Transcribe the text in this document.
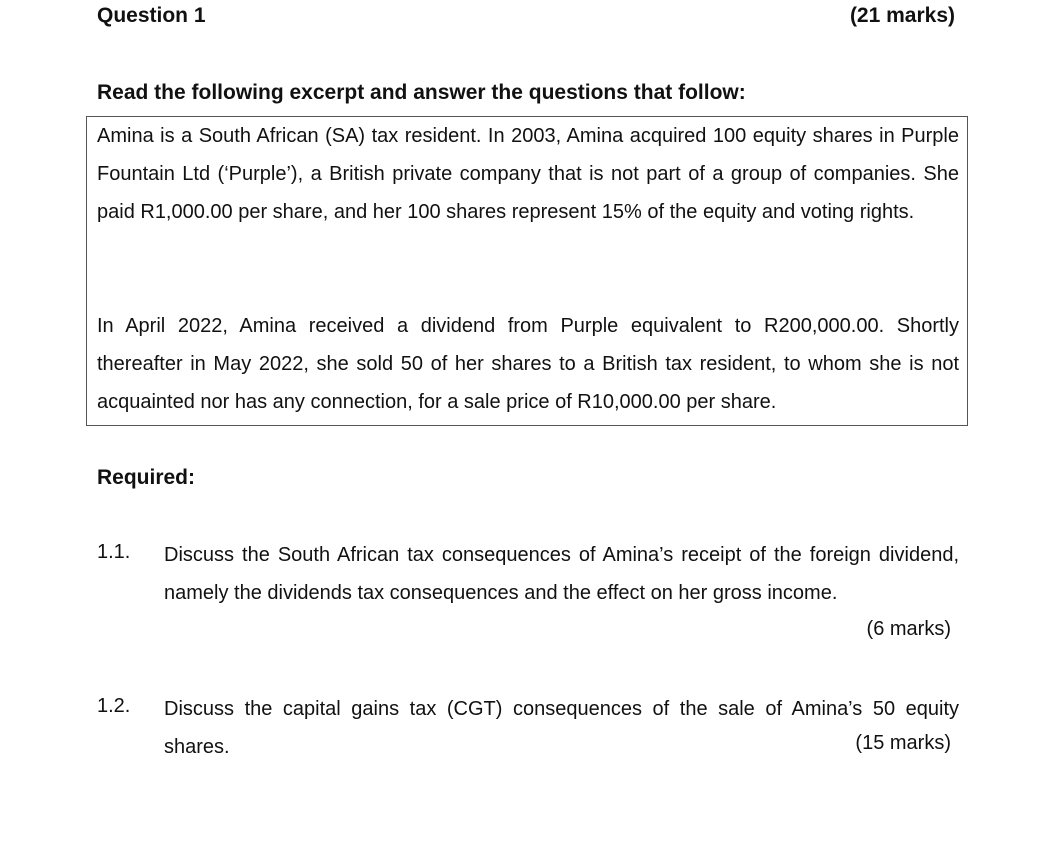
Question 1	(21 marks)
Read the following excerpt and answer the questions that follow:
Amina is a South African (SA) tax resident. In 2003, Amina acquired 100 equity shares in Purple Fountain Ltd (‘Purple’), a British private company that is not part of a group of companies. She paid R1,000.00 per share, and her 100 shares represent 15% of the equity and voting rights.
In April 2022, Amina received a dividend from Purple equivalent to R200,000.00. Shortly thereafter in May 2022, she sold 50 of her shares to a British tax resident, to whom she is not acquainted nor has any connection, for a sale price of R10,000.00 per share.
Required:
1.1. Discuss the South African tax consequences of Amina’s receipt of the foreign dividend, namely the dividends tax consequences and the effect on her gross income.
(6 marks)
1.2. Discuss the capital gains tax (CGT) consequences of the sale of Amina’s 50 equity shares.	(15 marks)
